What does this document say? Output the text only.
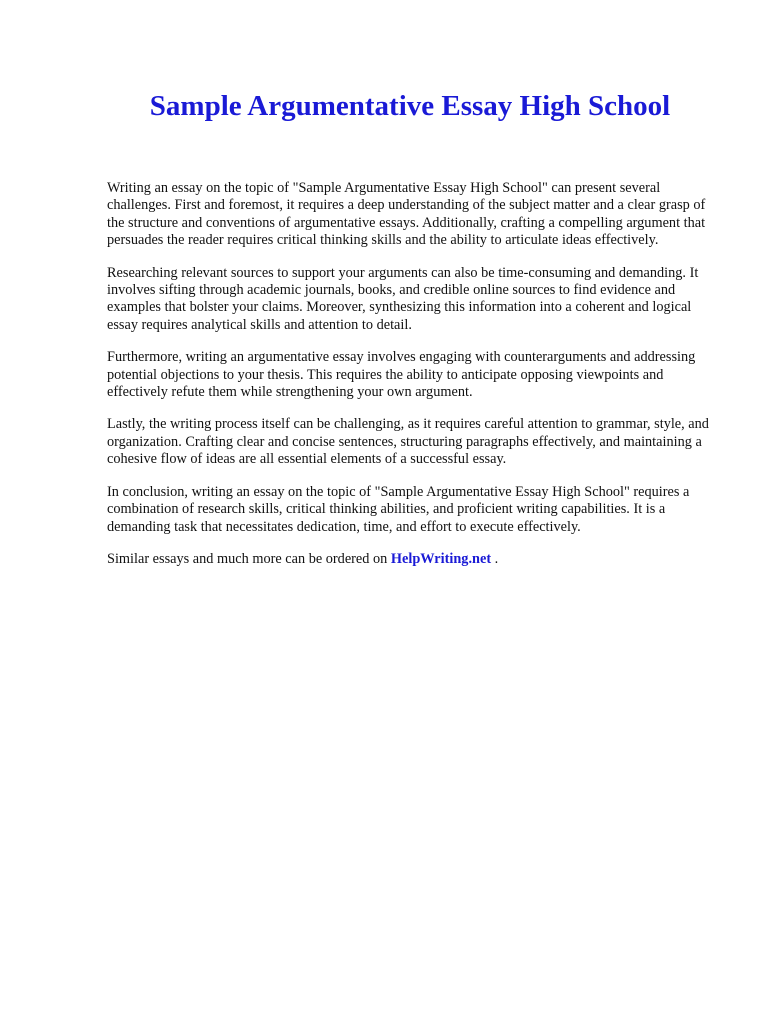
Sample Argumentative Essay High School

Writing an essay on the topic of "Sample Argumentative Essay High School" can present several challenges. First and foremost, it requires a deep understanding of the subject matter and a clear grasp of the structure and conventions of argumentative essays. Additionally, crafting a compelling argument that persuades the reader requires critical thinking skills and the ability to articulate ideas effectively.

Researching relevant sources to support your arguments can also be time-consuming and demanding. It involves sifting through academic journals, books, and credible online sources to find evidence and examples that bolster your claims. Moreover, synthesizing this information into a coherent and logical essay requires analytical skills and attention to detail.

Furthermore, writing an argumentative essay involves engaging with counterarguments and addressing potential objections to your thesis. This requires the ability to anticipate opposing viewpoints and effectively refute them while strengthening your own argument.

Lastly, the writing process itself can be challenging, as it requires careful attention to grammar, style, and organization. Crafting clear and concise sentences, structuring paragraphs effectively, and maintaining a cohesive flow of ideas are all essential elements of a successful essay.

In conclusion, writing an essay on the topic of "Sample Argumentative Essay High School" requires a combination of research skills, critical thinking abilities, and proficient writing capabilities. It is a demanding task that necessitates dedication, time, and effort to execute effectively.

Similar essays and much more can be ordered on HelpWriting.net .
